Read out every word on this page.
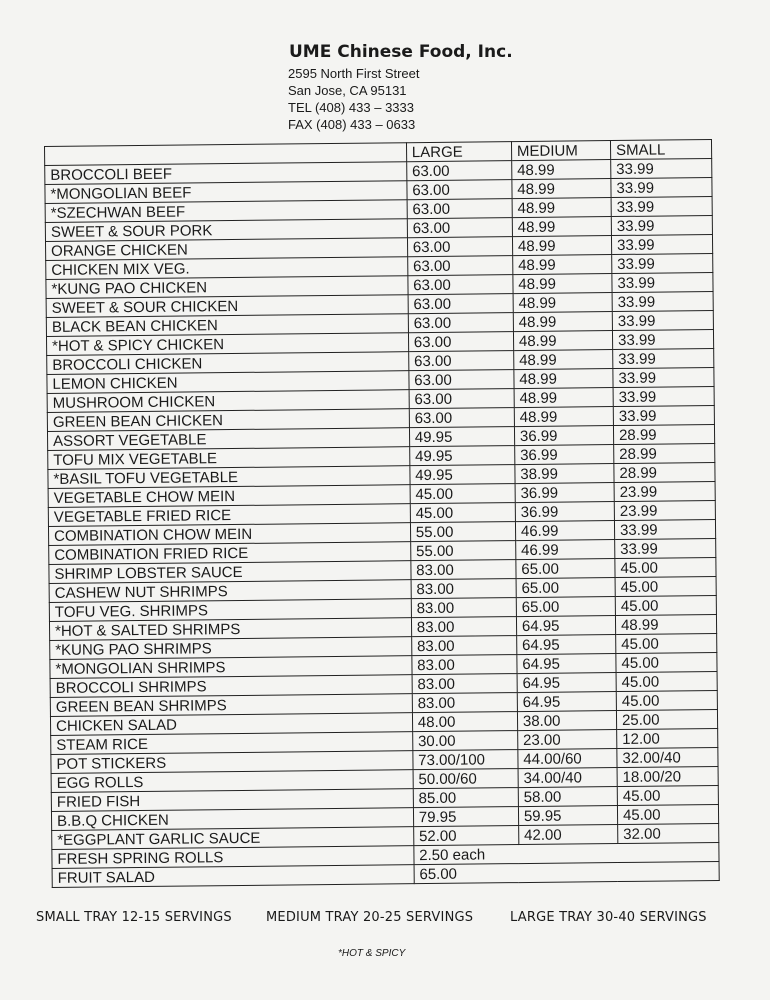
UME Chinese Food, Inc.
2595 North First Street
San Jose, CA 95131
TEL (408) 433 – 3333
FAX (408) 433 – 0633
	LARGE	MEDIUM	SMALL
BROCCOLI BEEF	63.00	48.99	33.99
*MONGOLIAN BEEF	63.00	48.99	33.99
*SZECHWAN BEEF	63.00	48.99	33.99
SWEET & SOUR PORK	63.00	48.99	33.99
ORANGE CHICKEN	63.00	48.99	33.99
CHICKEN MIX VEG.	63.00	48.99	33.99
*KUNG PAO CHICKEN	63.00	48.99	33.99
SWEET & SOUR CHICKEN	63.00	48.99	33.99
BLACK BEAN CHICKEN	63.00	48.99	33.99
*HOT & SPICY CHICKEN	63.00	48.99	33.99
BROCCOLI CHICKEN	63.00	48.99	33.99
LEMON CHICKEN	63.00	48.99	33.99
MUSHROOM CHICKEN	63.00	48.99	33.99
GREEN BEAN CHICKEN	63.00	48.99	33.99
ASSORT VEGETABLE	49.95	36.99	28.99
TOFU MIX VEGETABLE	49.95	36.99	28.99
*BASIL TOFU VEGETABLE	49.95	38.99	28.99
VEGETABLE CHOW MEIN	45.00	36.99	23.99
VEGETABLE FRIED RICE	45.00	36.99	23.99
COMBINATION CHOW MEIN	55.00	46.99	33.99
COMBINATION FRIED RICE	55.00	46.99	33.99
SHRIMP LOBSTER SAUCE	83.00	65.00	45.00
CASHEW NUT SHRIMPS	83.00	65.00	45.00
TOFU VEG. SHRIMPS	83.00	65.00	45.00
*HOT & SALTED SHRIMPS	83.00	64.95	48.99
*KUNG PAO SHRIMPS	83.00	64.95	45.00
*MONGOLIAN SHRIMPS	83.00	64.95	45.00
BROCCOLI SHRIMPS	83.00	64.95	45.00
GREEN BEAN SHRIMPS	83.00	64.95	45.00
CHICKEN SALAD	48.00	38.00	25.00
STEAM RICE	30.00	23.00	12.00
POT STICKERS	73.00/100	44.00/60	32.00/40
EGG ROLLS	50.00/60	34.00/40	18.00/20
FRIED FISH	85.00	58.00	45.00
B.B.Q CHICKEN	79.95	59.95	45.00
*EGGPLANT GARLIC SAUCE	52.00	42.00	32.00
FRESH SPRING ROLLS	2.50 each		
FRUIT SALAD	65.00		
SMALL TRAY 12-15 SERVINGS	MEDIUM TRAY 20-25 SERVINGS	LARGE TRAY 30-40 SERVINGS
*HOT & SPICY
